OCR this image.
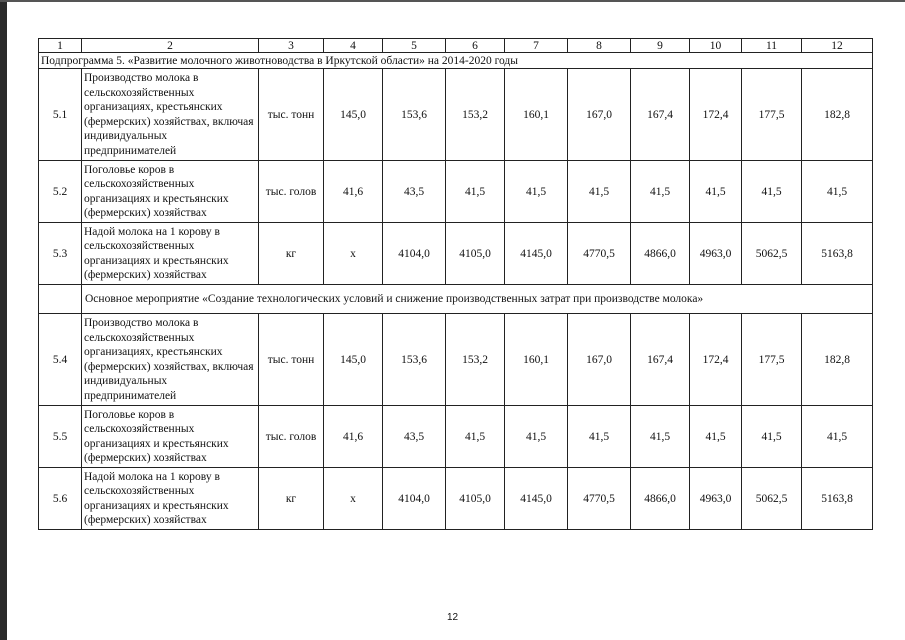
1	2	3	4	5	6	7	8	9	10	11	12
Подпрограмма 5. «Развитие молочного животноводства в Иркутской области» на 2014-2020 годы											
5.1	Производство молока в сельскохозяйственных организациях, крестьянских (фермерских) хозяйствах, включая индивидуальных предпринимателей	тыс. тонн	145,0	153,6	153,2	160,1	167,0	167,4	172,4	177,5	182,8
5.2	Поголовье коров в сельскохозяйственных организациях и крестьянских (фермерских) хозяйствах	тыс. голов	41,6	43,5	41,5	41,5	41,5	41,5	41,5	41,5	41,5
5.3	Надой молока на 1 корову в сельскохозяйственных организациях и крестьянских (фермерских) хозяйствах	кг	х	4104,0	4105,0	4145,0	4770,5	4866,0	4963,0	5062,5	5163,8
	Основное мероприятие «Создание технологических условий и снижение производственных затрат при производстве молока»										
5.4	Производство молока в сельскохозяйственных организациях, крестьянских (фермерских) хозяйствах, включая индивидуальных предпринимателей	тыс. тонн	145,0	153,6	153,2	160,1	167,0	167,4	172,4	177,5	182,8
5.5	Поголовье коров в сельскохозяйственных организациях и крестьянских (фермерских) хозяйствах	тыс. голов	41,6	43,5	41,5	41,5	41,5	41,5	41,5	41,5	41,5
5.6	Надой молока на 1 корову в сельскохозяйственных организациях и крестьянских (фермерских) хозяйствах	кг	х	4104,0	4105,0	4145,0	4770,5	4866,0	4963,0	5062,5	5163,8
12
